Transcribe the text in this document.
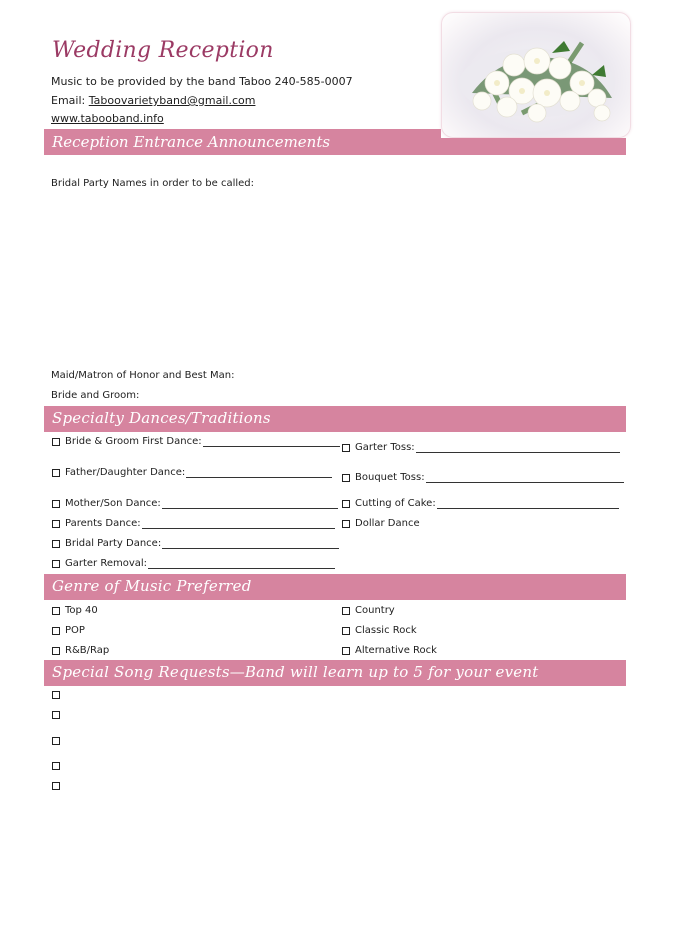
Wedding Reception
Music to be provided by the band Taboo 240-585-0007
Email: Taboovarietyband@gmail.com
www.tabooband.info
Reception Entrance Announcements
Bridal Party Names in order to be called:
Maid/Matron of Honor and Best Man:
Bride and Groom:
Specialty Dances/Traditions
Bride & Groom First Dance:
Father/Daughter Dance:
Mother/Son Dance:
Parents Dance:
Bridal Party Dance:
Garter Removal:
Garter Toss:
Bouquet Toss:
Cutting of Cake:
Dollar Dance
Genre of Music Preferred
Top 40
POP
R&B/Rap
Country
Classic Rock
Alternative Rock
Special Song Requests—Band will learn up to 5 for your event
